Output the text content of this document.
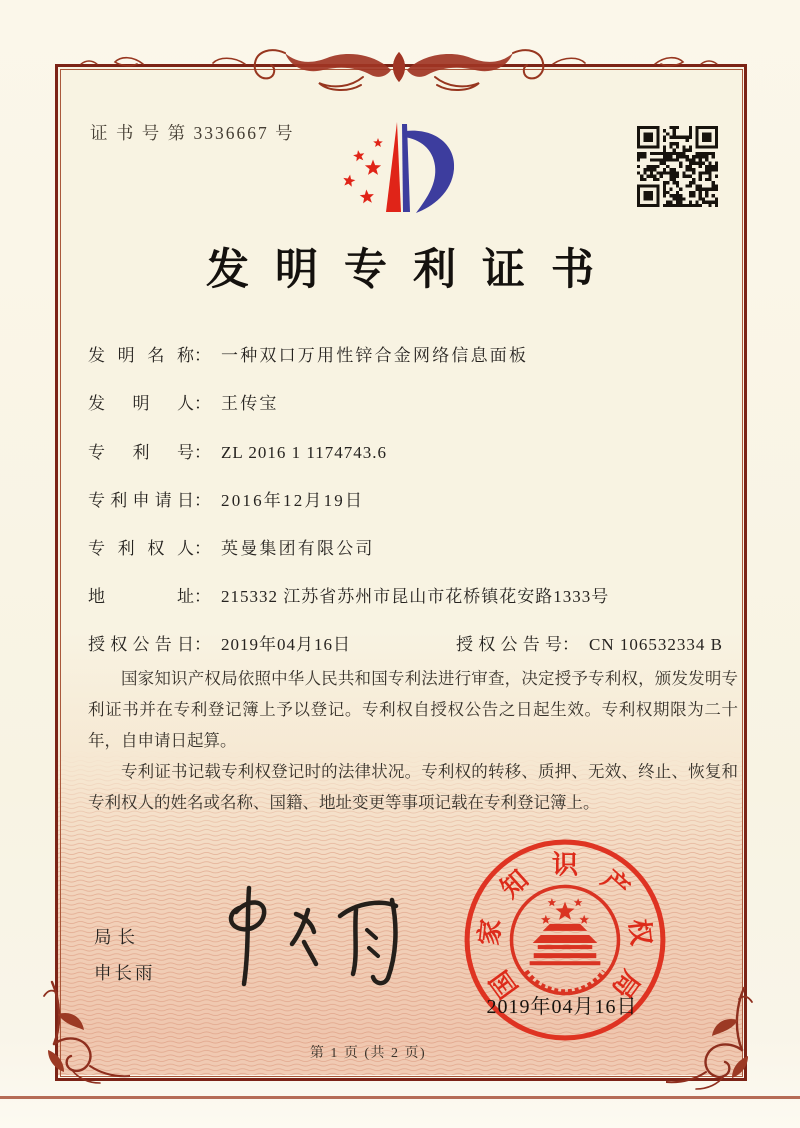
证 书 号 第 3336667 号
发明专利证书
发明名称： 一种双口万用性锌合金网络信息面板
发明人： 王传宝
专利号： ZL 2016 1 1174743.6
专利申请日： 2016年12月19日
专利权人： 英曼集团有限公司
地址： 215332 江苏省苏州市昆山市花桥镇花安路1333号
授权公告日： 2019年04月16日	授权公告号： CN 106532334 B

国家知识产权局依照中华人民共和国专利法进行审查，决定授予专利权，颁发发明专利证书并在专利登记簿上予以登记。专利权自授权公告之日起生效。专利权期限为二十年，自申请日起算。

专利证书记载专利权登记时的法律状况。专利权的转移、质押、无效、终止、恢复和专利权人的姓名或名称、国籍、地址变更等事项记载在专利登记簿上。

局长
申长雨	国
家
知 识 产
权
局
2019年04月16日
第 1 页 (共 2 页)
